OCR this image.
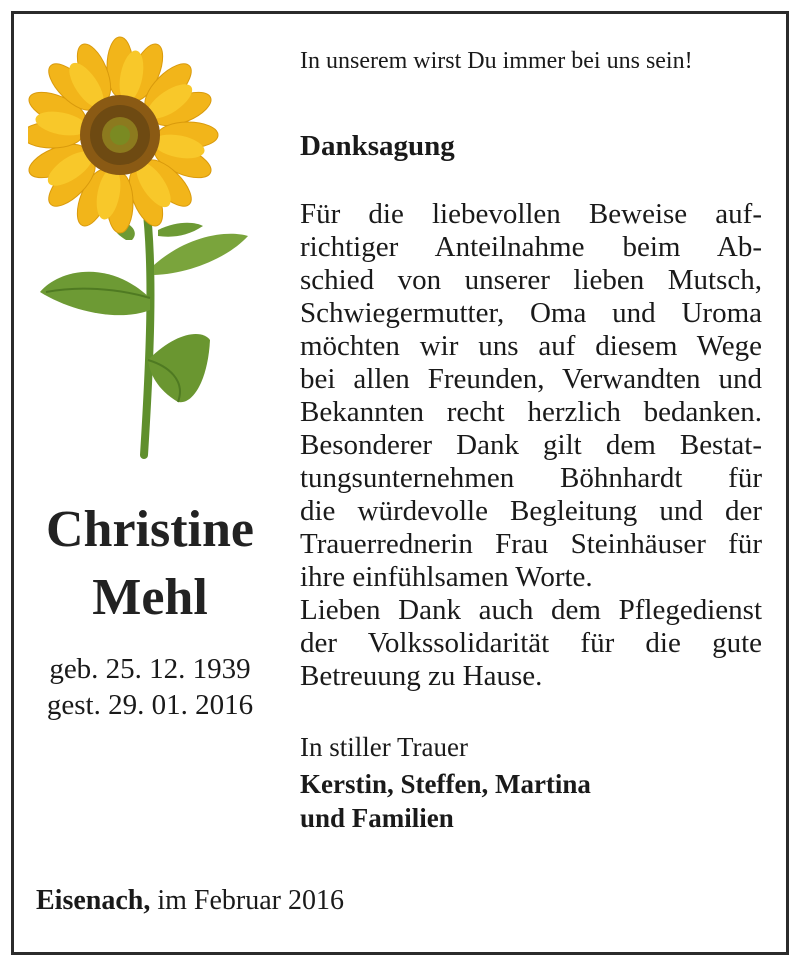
Christine
Mehl
geb. 25. 12. 1939
gest. 29. 01. 2016
In unserem wirst Du immer bei uns sein!
Danksagung
Für die liebevollen Beweise auf-
richtiger Anteilnahme beim Ab-
schied von unserer lieben Mutsch,
Schwiegermutter, Oma und Uroma
möchten wir uns auf diesem Wege
bei allen Freunden, Verwandten und
Bekannten recht herzlich bedanken.
Besonderer Dank gilt dem Bestat-
tungsunternehmen Böhnhardt für
die würdevolle Begleitung und der
Trauerrednerin Frau Steinhäuser für
ihre einfühlsamen Worte.
Lieben Dank auch dem Pflegedienst
der Volkssolidarität für die gute
Betreuung zu Hause.
In stiller Trauer
Kerstin, Steffen, Martina
und Familien
Eisenach, im Februar 2016
